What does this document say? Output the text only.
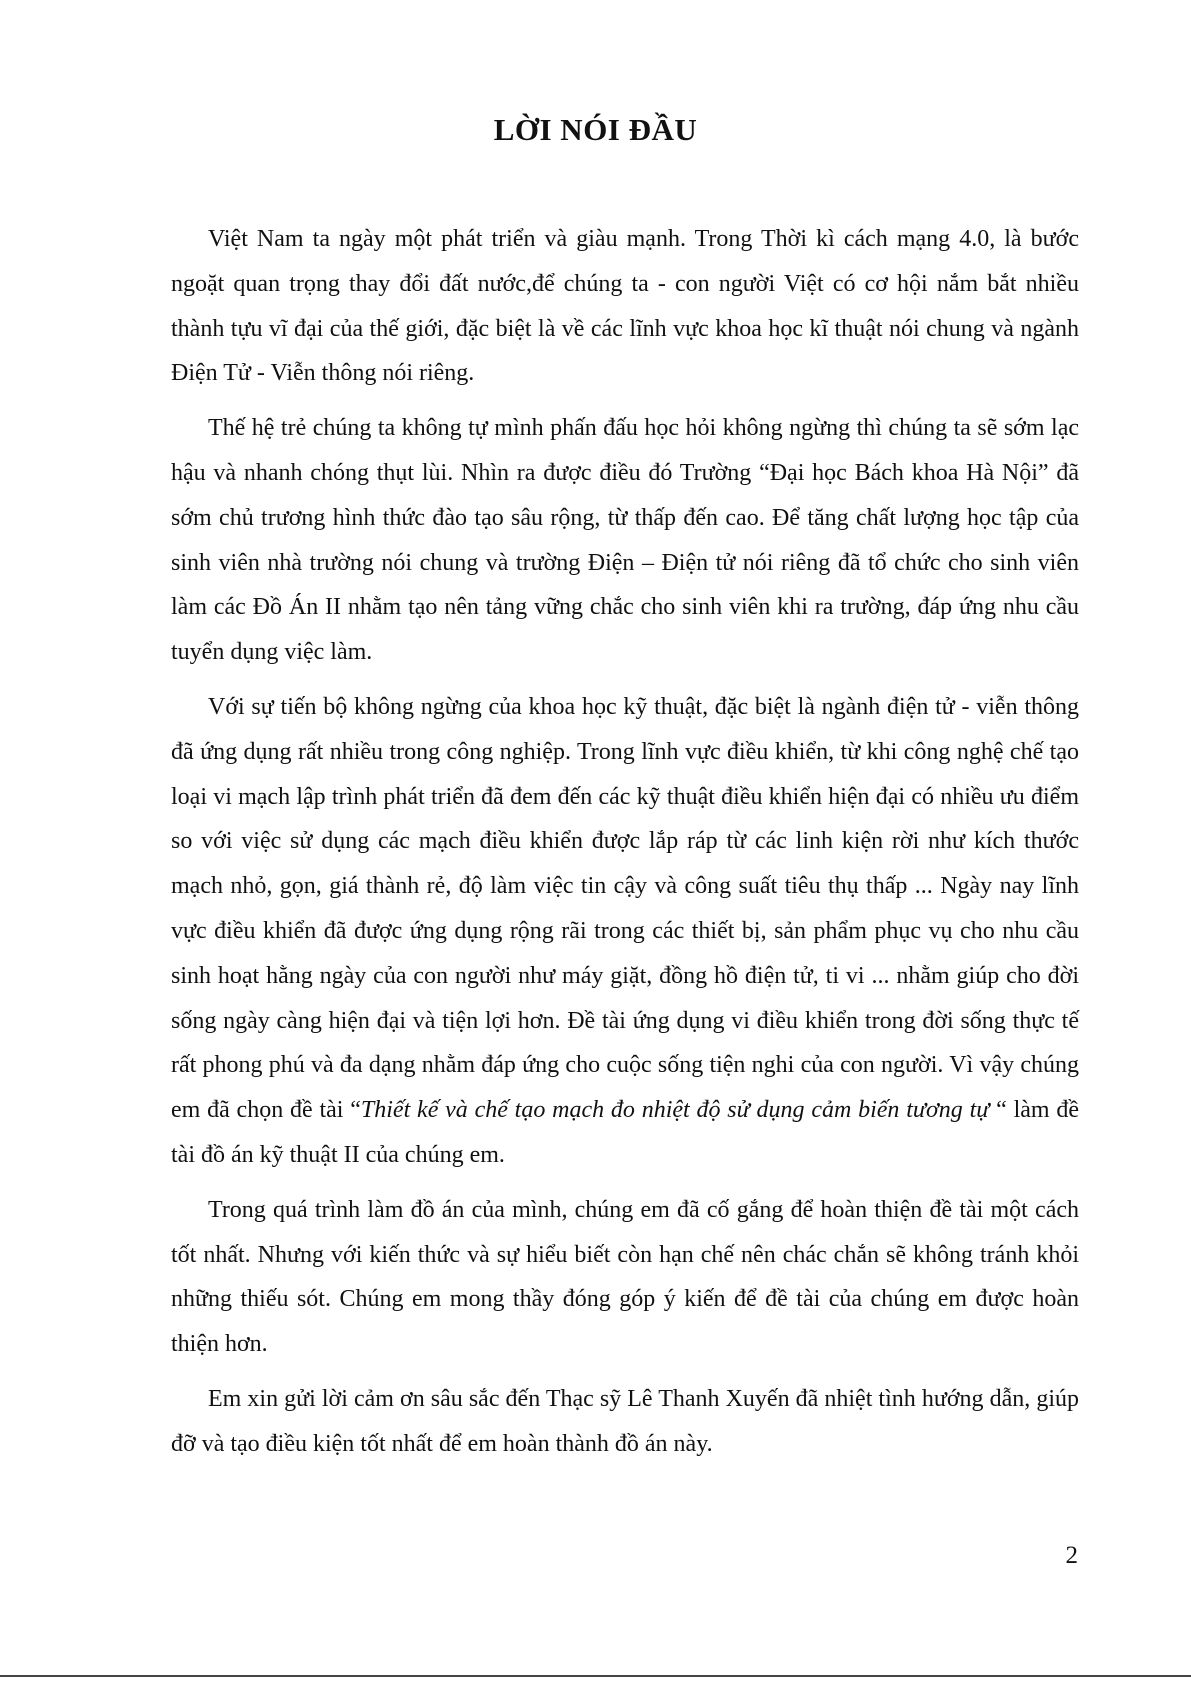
LỜI NÓI ĐẦU

Việt Nam ta ngày một phát triển và giàu mạnh. Trong Thời kì cách mạng 4.0, là bước ngoặt quan trọng thay đổi đất nước,để chúng ta - con người Việt có cơ hội nắm bắt nhiều thành tựu vĩ đại của thế giới, đặc biệt là về các lĩnh vực khoa học kĩ thuật nói chung và ngành Điện Tử - Viễn thông nói riêng.

Thế hệ trẻ chúng ta không tự mình phấn đấu học hỏi không ngừng thì chúng ta sẽ sớm lạc hậu và nhanh chóng thụt lùi. Nhìn ra được điều đó Trường “Đại học Bách khoa Hà Nội” đã sớm chủ trương hình thức đào tạo sâu rộng, từ thấp đến cao. Để tăng chất lượng học tập của sinh viên nhà trường nói chung và trường Điện – Điện tử nói riêng đã tổ chức cho sinh viên làm các Đồ Án II nhằm tạo nên tảng vững chắc cho sinh viên khi ra trường, đáp ứng nhu cầu tuyển dụng việc làm.

Với sự tiến bộ không ngừng của khoa học kỹ thuật, đặc biệt là ngành điện tử - viễn thông đã ứng dụng rất nhiều trong công nghiệp. Trong lĩnh vực điều khiển, từ khi công nghệ chế tạo loại vi mạch lập trình phát triển đã đem đến các kỹ thuật điều khiển hiện đại có nhiều ưu điểm so với việc sử dụng các mạch điều khiển được lắp ráp từ các linh kiện rời như kích thước mạch nhỏ, gọn, giá thành rẻ, độ làm việc tin cậy và công suất tiêu thụ thấp ... Ngày nay lĩnh vực điều khiển đã được ứng dụng rộng rãi trong các thiết bị, sản phẩm phục vụ cho nhu cầu sinh hoạt hằng ngày của con người như máy giặt, đồng hồ điện tử, ti vi ... nhằm giúp cho đời sống ngày càng hiện đại và tiện lợi hơn. Đề tài ứng dụng vi điều khiển trong đời sống thực tế rất phong phú và đa dạng nhằm đáp ứng cho cuộc sống tiện nghi của con người. Vì vậy chúng em đã chọn đề tài “Thiết kế và chế tạo mạch đo nhiệt độ sử dụng cảm biến tương tự “ làm đề tài đồ án kỹ thuật II của chúng em.

Trong quá trình làm đồ án của mình, chúng em đã cố gắng để hoàn thiện đề tài một cách tốt nhất. Nhưng với kiến thức và sự hiểu biết còn hạn chế nên chác chắn sẽ không tránh khỏi những thiếu sót. Chúng em mong thầy đóng góp ý kiến để đề tài của chúng em được hoàn thiện hơn.

Em xin gửi lời cảm ơn sâu sắc đến Thạc sỹ Lê Thanh Xuyến đã nhiệt tình hướng dẫn, giúp đỡ và tạo điều kiện tốt nhất để em hoàn thành đồ án này.

2
